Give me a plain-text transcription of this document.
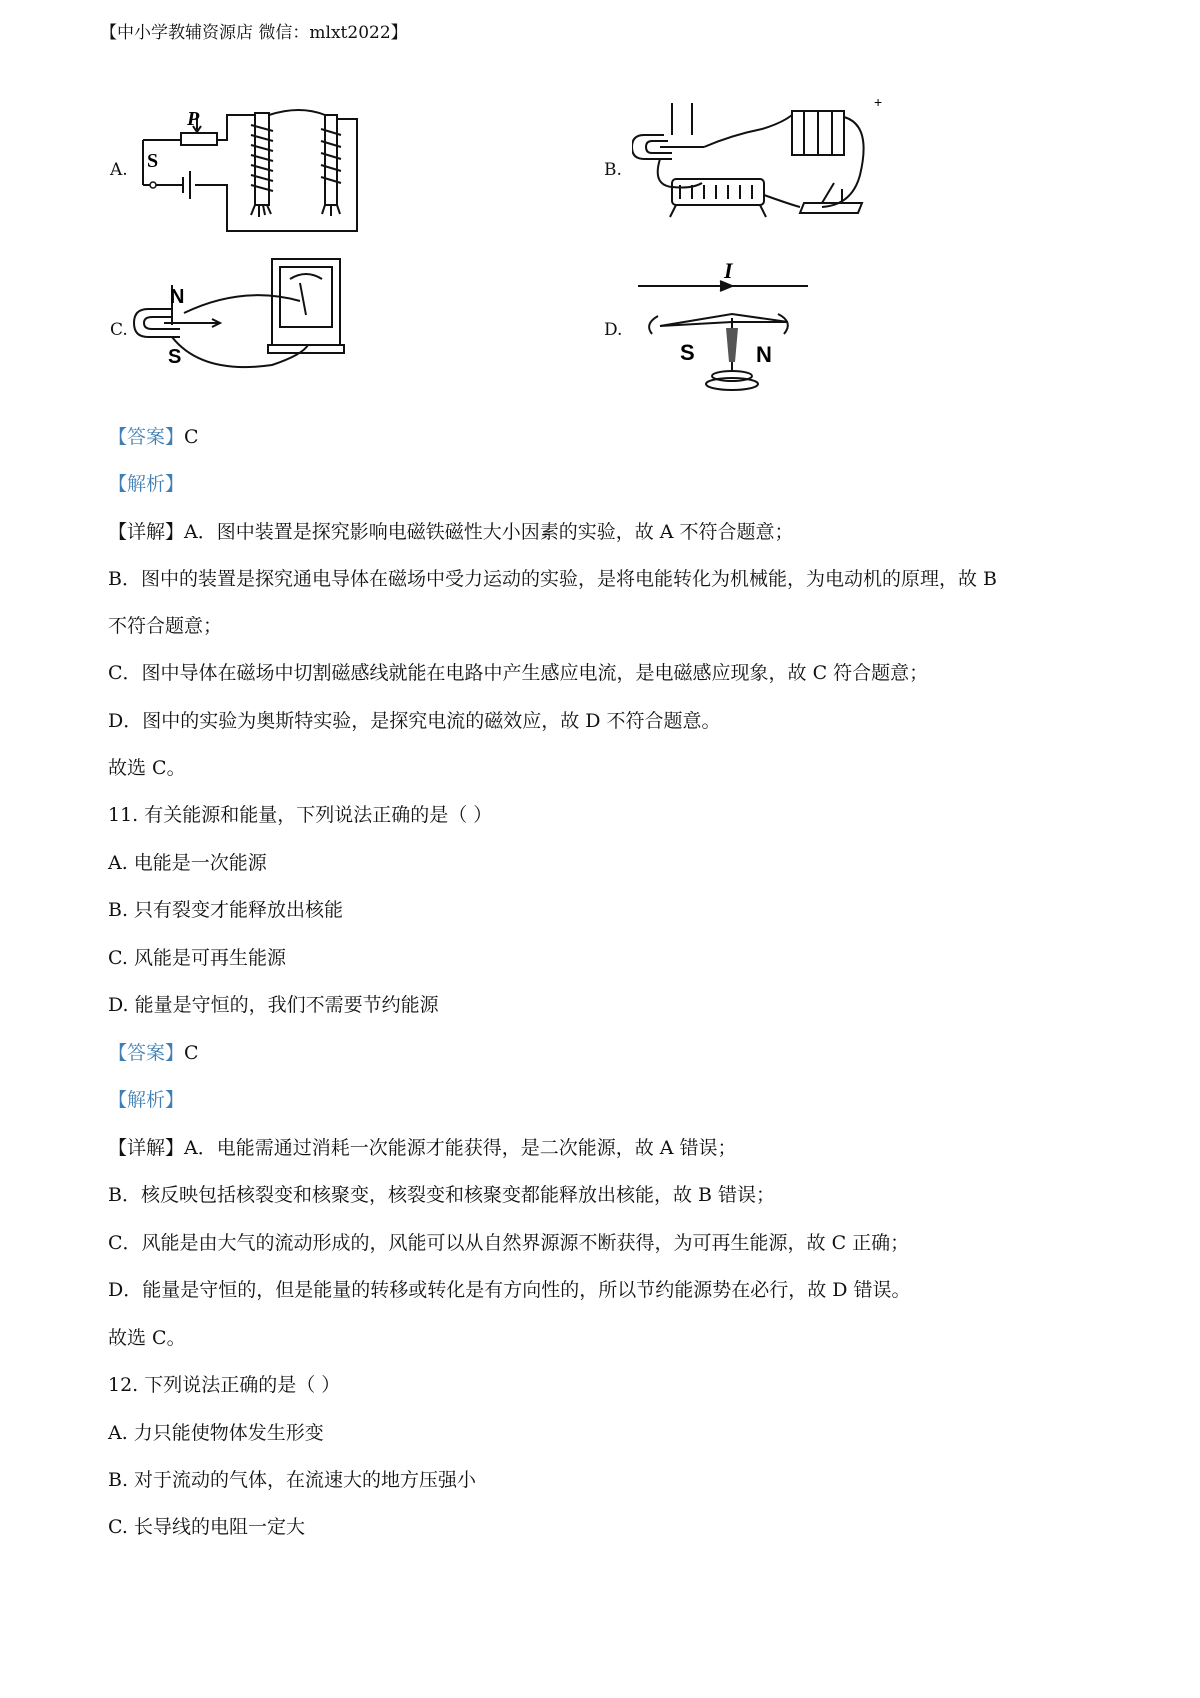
【中小学教辅资源店 微信：mlxt2022】
A.	B.
C.	D.
P
S
+
N
S
I
S	N
【答案】C
【解析】
【详解】A．图中装置是探究影响电磁铁磁性大小因素的实验，故 A 不符合题意；
B．图中的装置是探究通电导体在磁场中受力运动的实验，是将电能转化为机械能，为电动机的原理，故 B
不符合题意；
C．图中导体在磁场中切割磁感线就能在电路中产生感应电流，是电磁感应现象，故 C 符合题意；
D．图中的实验为奥斯特实验，是探究电流的磁效应，故 D 不符合题意。
故选 C。
11. 有关能源和能量，下列说法正确的是（ ）
A. 电能是一次能源
B. 只有裂变才能释放出核能
C. 风能是可再生能源
D. 能量是守恒的，我们不需要节约能源
【答案】C
【解析】
【详解】A．电能需通过消耗一次能源才能获得，是二次能源，故 A 错误；
B．核反映包括核裂变和核聚变，核裂变和核聚变都能释放出核能，故 B 错误；
C．风能是由大气的流动形成的，风能可以从自然界源源不断获得，为可再生能源，故 C 正确；
D．能量是守恒的，但是能量的转移或转化是有方向性的，所以节约能源势在必行，故 D 错误。
故选 C。
12. 下列说法正确的是（ ）
A. 力只能使物体发生形变
B. 对于流动的气体，在流速大的地方压强小
C. 长导线的电阻一定大
